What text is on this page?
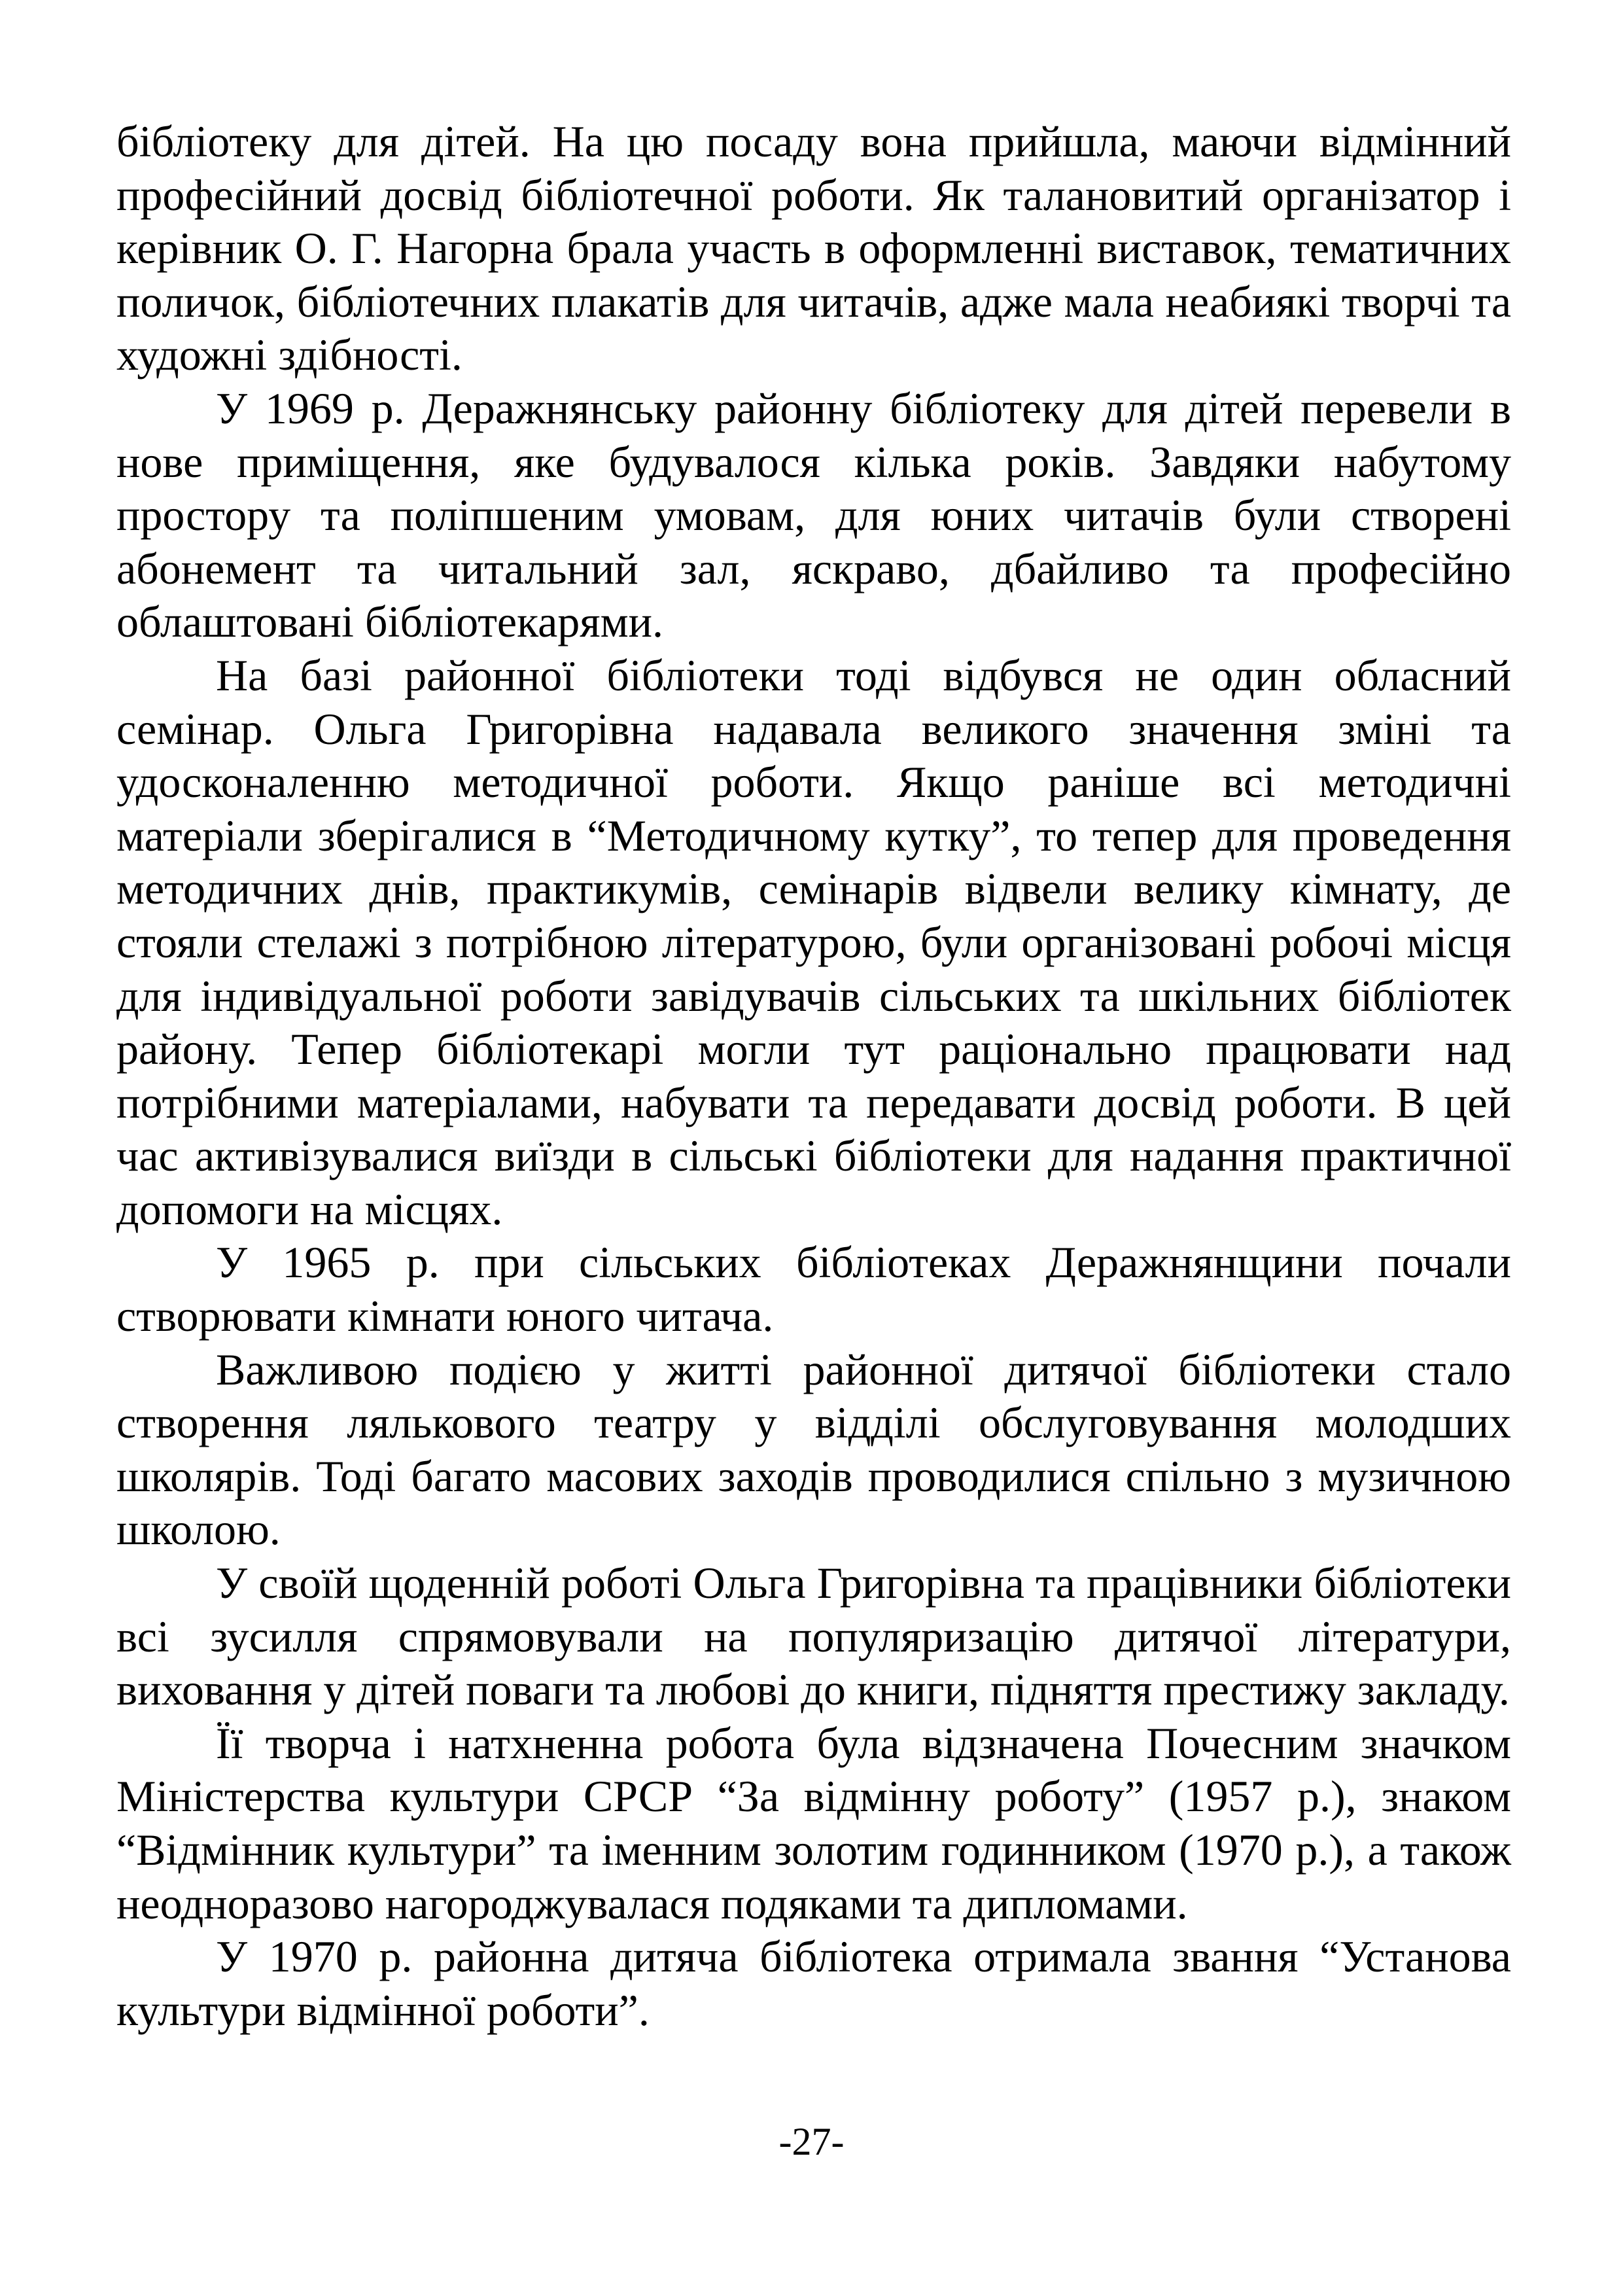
бібліотеку для дітей. На цю посаду вона прийшла, маючи відмінний професійний досвід бібліотечної роботи. Як талановитий організатор і керівник О. Г. Нагорна брала участь в оформленні виставок, тематичних поличок, бібліотечних плакатів для читачів, адже мала неабиякі творчі та художні здібності.

У 1969 р. Деражнянську районну бібліотеку для дітей перевели в нове приміщення, яке будувалося кілька років. Завдяки набутому простору та поліпшеним умовам, для юних читачів були створені абонемент та читальний зал, яскраво, дбайливо та професійно облаштовані бібліотекарями.

На базі районної бібліотеки тоді відбувся не один обласний семінар. Ольга Григорівна надавала великого значення зміні та удосконаленню методичної роботи. Якщо раніше всі методичні матеріали зберігалися в “Методичному кутку”, то тепер для проведення методичних днів, практикумів, семінарів відвели велику кімнату, де стояли стелажі з потрібною літературою, були організовані робочі місця для індивідуальної роботи завідувачів сільських та шкільних бібліотек району. Тепер бібліотекарі могли тут раціонально працювати над потрібними матеріалами, набувати та передавати досвід роботи. В цей час активізувалися виїзди в сільські бібліотеки для надання практичної допомоги на місцях.

У 1965 р. при сільських бібліотеках Деражнянщини почали створювати кімнати юного читача.

Важливою подією у житті районної дитячої бібліотеки стало створення лялькового театру у відділі обслуговування молодших школярів. Тоді багато масових заходів проводилися спільно з музичною школою.

У своїй щоденній роботі Ольга Григорівна та працівники бібліотеки всі зусилля спрямовували на популяризацію дитячої літератури, виховання у дітей поваги та любові до книги, підняття престижу закладу.

Її творча і натхненна робота була відзначена Почесним значком Міністерства культури СРСР “За відмінну роботу” (1957 р.), знаком “Відмінник культури” та іменним золотим годинником (1970 р.), а також неодноразово нагороджувалася подяками та дипломами.

У 1970 р. районна дитяча бібліотека отримала звання “Установа культури відмінної роботи”.

-27-
